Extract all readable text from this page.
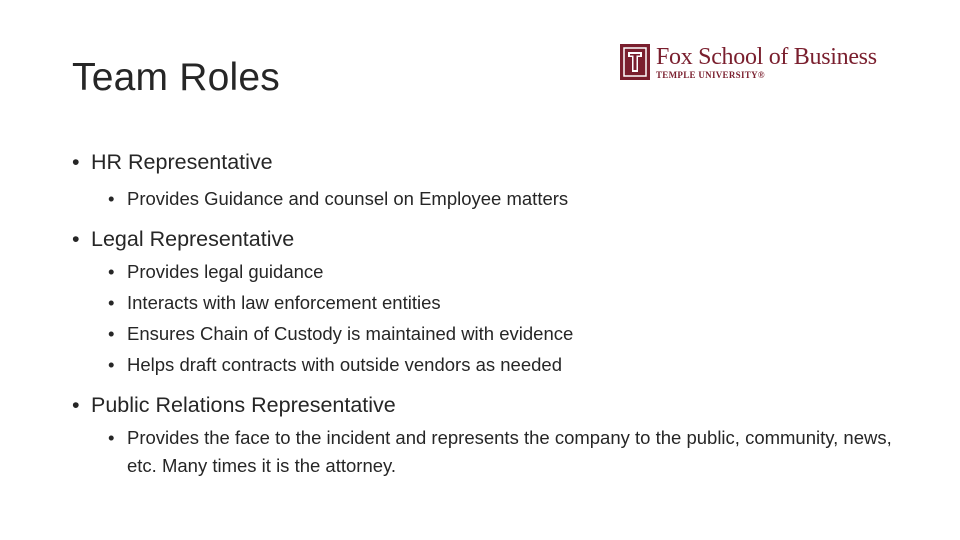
Team Roles	Fox School of Business
TEMPLE UNIVERSITY®
• HR Representative
• Provides Guidance and counsel on Employee matters
• Legal Representative
• Provides legal guidance
• Interacts with law enforcement entities
• Ensures Chain of Custody is maintained with evidence
• Helps draft contracts with outside vendors as needed
• Public Relations Representative
• Provides the face to the incident and represents the company to the public, community, news, etc. Many times it is the attorney.
